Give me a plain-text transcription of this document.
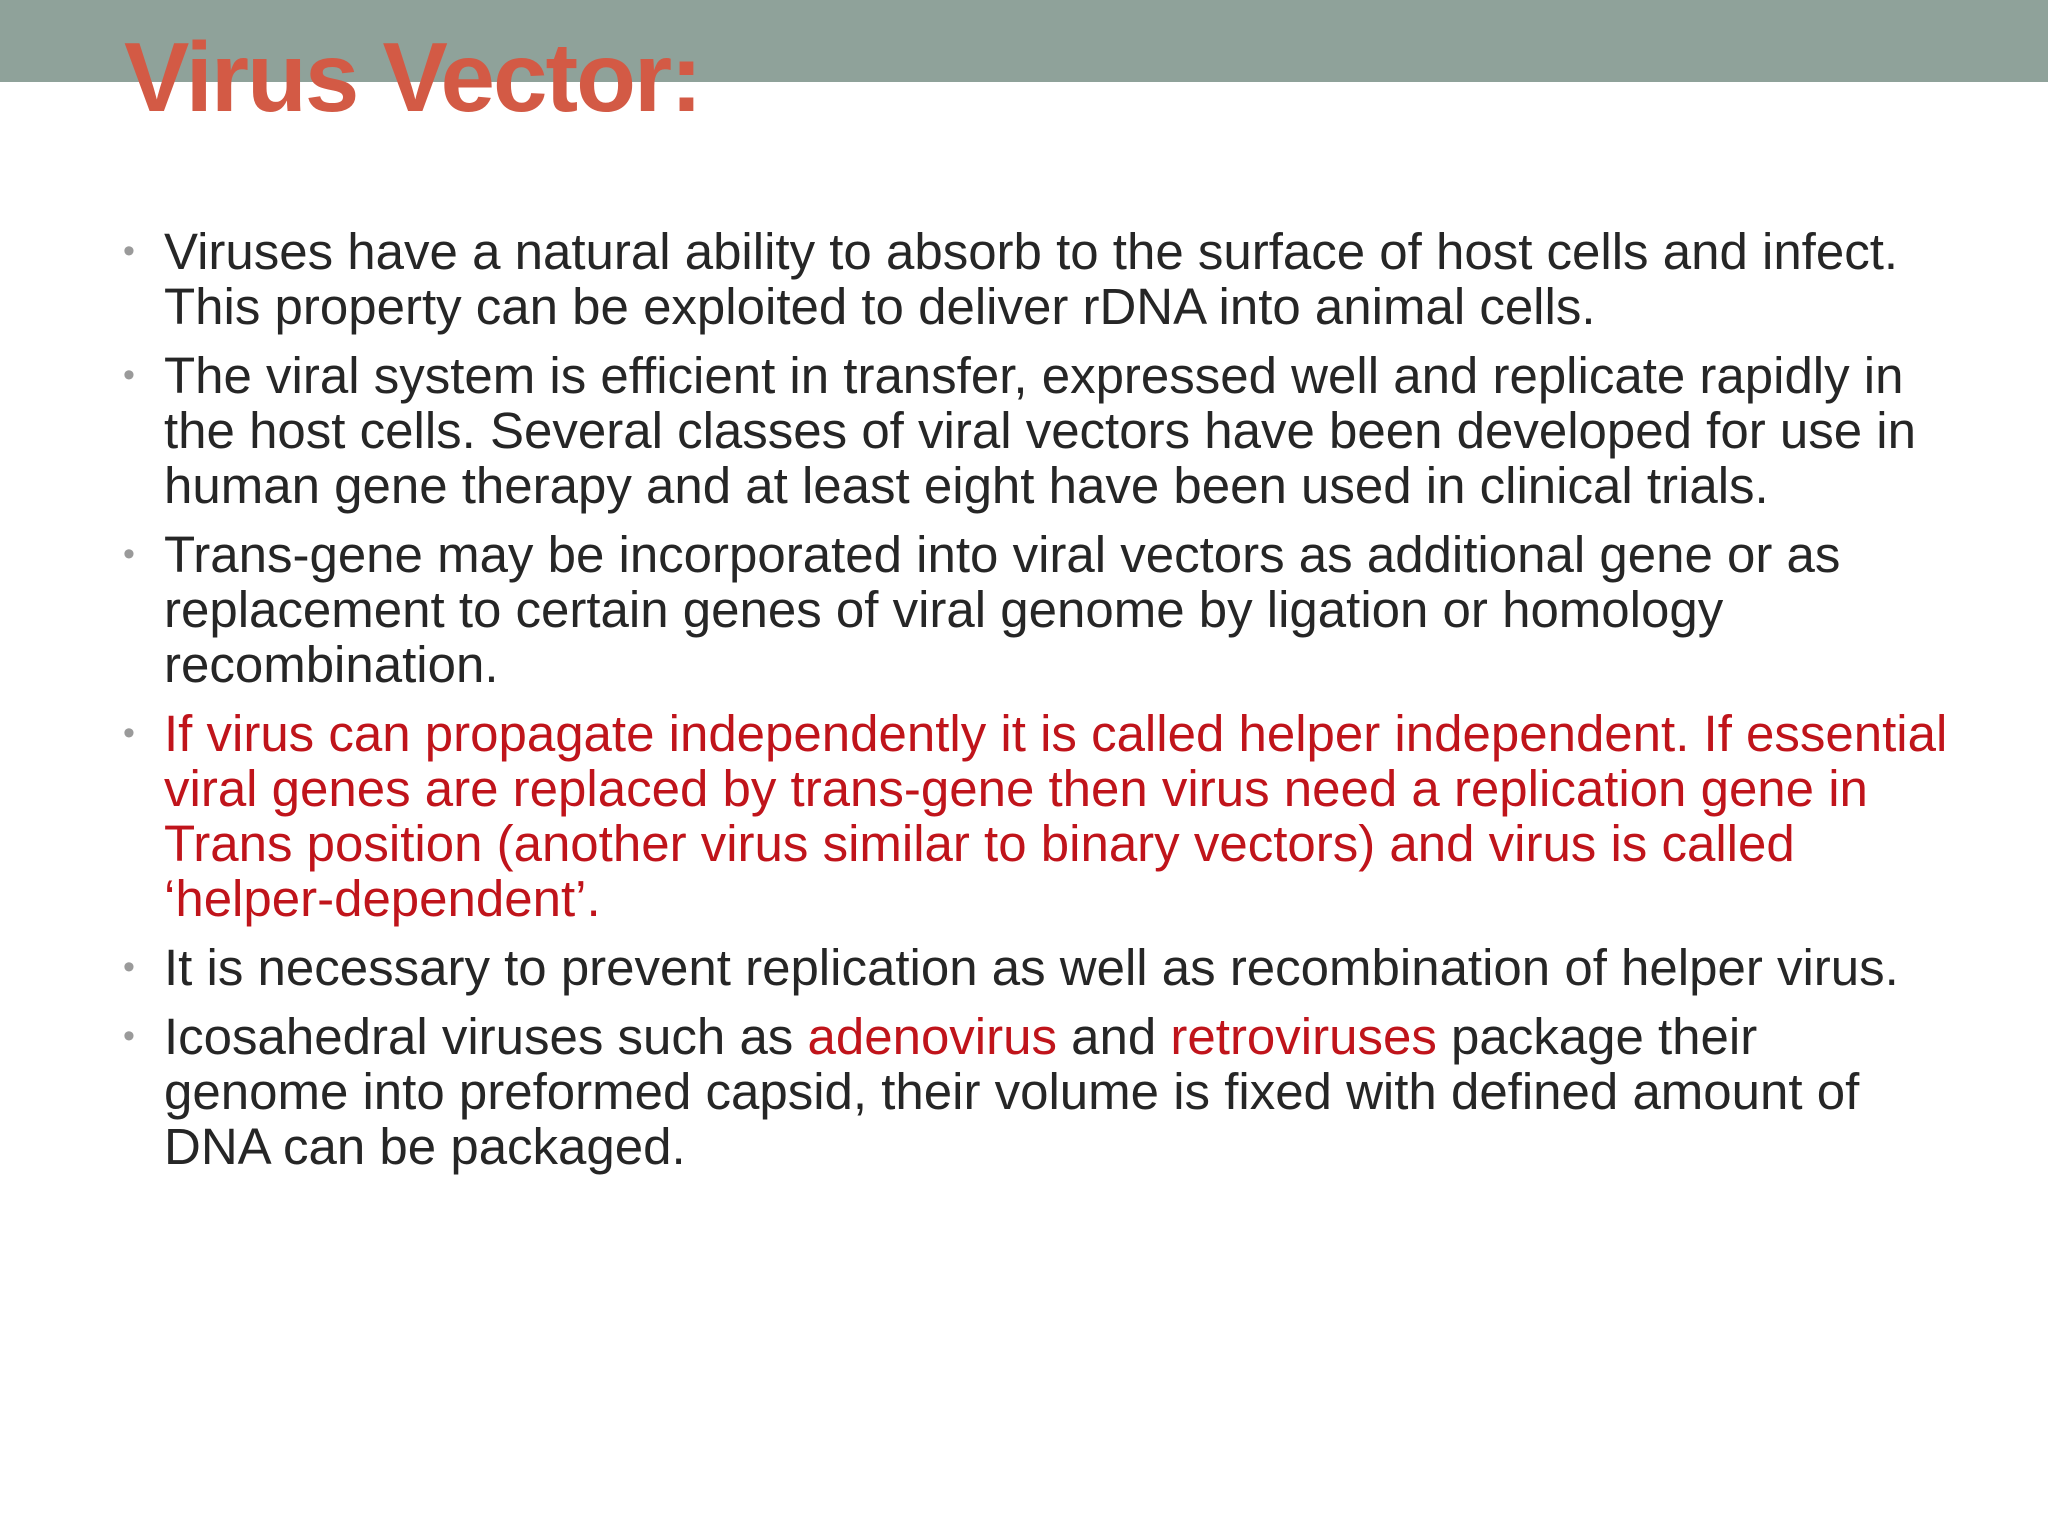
Virus Vector:
• Viruses have a natural ability to absorb to the surface of host cells and infect. This property can be exploited to deliver rDNA into animal cells.
• The viral system is efficient in transfer, expressed well and replicate rapidly in the host cells. Several classes of viral vectors have been developed for use in human gene therapy and at least eight have been used in clinical trials.
• Trans-gene may be incorporated into viral vectors as additional gene or as replacement to certain genes of viral genome by ligation or homology recombination.
• If virus can propagate independently it is called helper independent. If essential viral genes are replaced by trans-gene then virus need a replication gene in Trans position (another virus similar to binary vectors) and virus is called ‘helper-dependent’.
• It is necessary to prevent replication as well as recombination of helper virus.
• Icosahedral viruses such as adenovirus and retroviruses package their genome into preformed capsid, their volume is fixed with defined amount of DNA can be packaged.
